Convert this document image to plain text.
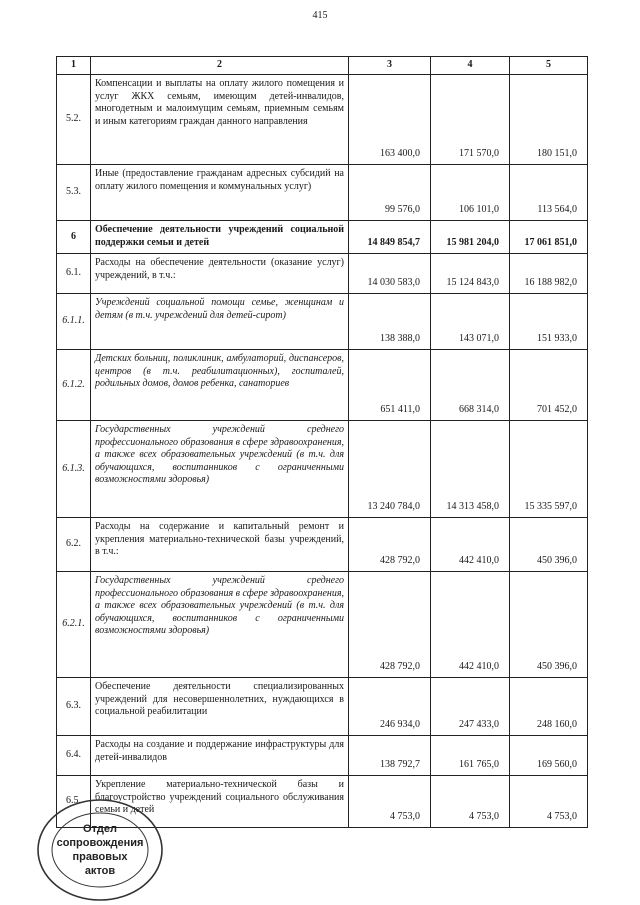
415
1	2	3	4	5
5.2.	Компенсации и выплаты на оплату жилого помещения и услуг ЖКХ семьям, имеющим детей-инвалидов, многодетным и малоимущим семьям, приемным семьям и иным категориям граждан данного направления	163 400,0	171 570,0	180 151,0
5.3.	Иные (предоставление гражданам адресных субсидий на оплату жилого помещения и коммунальных услуг)	99 576,0	106 101,0	113 564,0
6	Обеспечение деятельности учреждений социальной поддержки семьи и детей	14 849 854,7	15 981 204,0	17 061 851,0
6.1.	Расходы на обеспечение деятельности (оказание услуг) учреждений, в т.ч.:	14 030 583,0	15 124 843,0	16 188 982,0
6.1.1.	Учреждений социальной помощи семье, женщинам и детям (в т.ч. учреждений для детей-сирот)	138 388,0	143 071,0	151 933,0
6.1.2.	Детских больниц, поликлиник, амбулаторий, диспансеров, центров (в т.ч. реабилитационных), госпиталей, родильных домов, домов ребенка, санаториев	651 411,0	668 314,0	701 452,0
6.1.3.	Государственных учреждений среднего профессионального образования в сфере здравоохранения, а также всех образовательных учреждений (в т.ч. для обучающихся, воспитанников с ограниченными возможностями здоровья)	13 240 784,0	14 313 458,0	15 335 597,0
6.2.	Расходы на содержание и капитальный ремонт и укрепления материально-технической базы учреждений, в т.ч.:	428 792,0	442 410,0	450 396,0
6.2.1.	Государственных учреждений среднего профессионального образования в сфере здравоохранения, а также всех образовательных учреждений (в т.ч. для обучающихся, воспитанников с ограниченными возможностями здоровья)	428 792,0	442 410,0	450 396,0
6.3.	Обеспечение деятельности специализированных учреждений для несовершеннолетних, нуждающихся в социальной реабилитации	246 934,0	247 433,0	248 160,0
6.4.	Расходы на создание и поддержание инфраструктуры для детей-инвалидов	138 792,7	161 765,0	169 560,0
6.5.	Укрепление материально-технической базы и благоустройство учреждений социального обслуживания семьи и детей	4 753,0	4 753,0	4 753,0
Отдел
сопровождения
правовых
актов
